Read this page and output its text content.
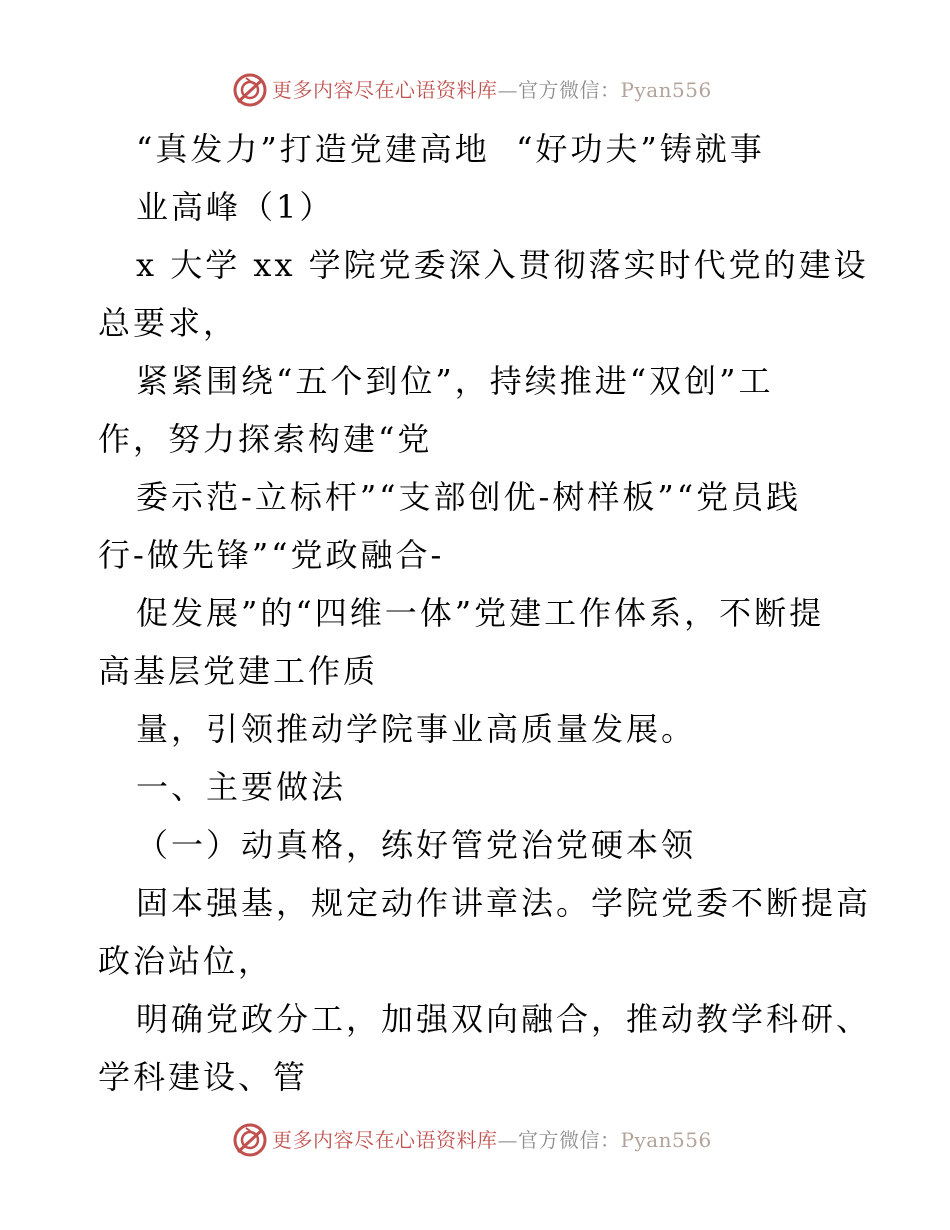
更多内容尽在心语资料库—官方微信：Pyan556
“真发力”打造党建高地  “好功夫”铸就事
业高峰（1）
x 大学 xx 学院党委深入贯彻落实时代党的建设
总要求，
紧紧围绕“五个到位”，持续推进“双创”工
作，努力探索构建“党
委示范-立标杆”“支部创优-树样板”“党员践
行-做先锋”“党政融合-
促发展”的“四维一体”党建工作体系，不断提
高基层党建工作质
量，引领推动学院事业高质量发展。
一、主要做法
（一）动真格，练好管党治党硬本领
固本强基，规定动作讲章法。学院党委不断提高
政治站位，
明确党政分工，加强双向融合，推动教学科研、
学科建设、管
更多内容尽在心语资料库—官方微信：Pyan556
